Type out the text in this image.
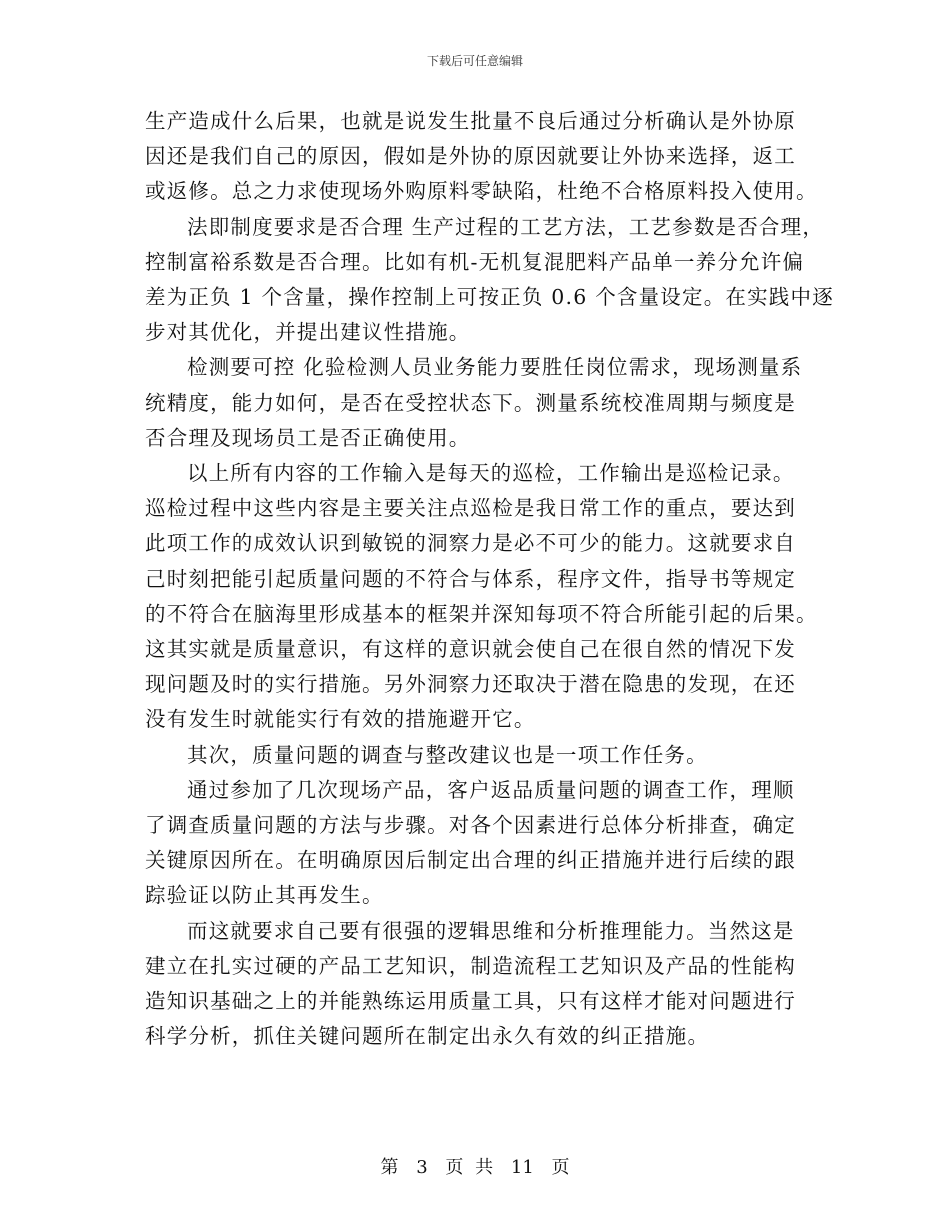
下载后可任意编辑
生产造成什么后果，也就是说发生批量不良后通过分析确认是外协原
因还是我们自己的原因，假如是外协的原因就要让外协来选择，返工
或返修。总之力求使现场外购原料零缺陷，杜绝不合格原料投入使用。
法即制度要求是否合理 生产过程的工艺方法，工艺参数是否合理，
控制富裕系数是否合理。比如有机-无机复混肥料产品单一养分允许偏
差为正负 1 个含量，操作控制上可按正负 0.6 个含量设定。在实践中逐
步对其优化，并提出建议性措施。
检测要可控 化验检测人员业务能力要胜任岗位需求，现场测量系
统精度，能力如何，是否在受控状态下。测量系统校准周期与频度是
否合理及现场员工是否正确使用。
以上所有内容的工作输入是每天的巡检，工作输出是巡检记录。
巡检过程中这些内容是主要关注点巡检是我日常工作的重点，要达到
此项工作的成效认识到敏锐的洞察力是必不可少的能力。这就要求自
己时刻把能引起质量问题的不符合与体系，程序文件，指导书等规定
的不符合在脑海里形成基本的框架并深知每项不符合所能引起的后果。
这其实就是质量意识，有这样的意识就会使自己在很自然的情况下发
现问题及时的实行措施。另外洞察力还取决于潜在隐患的发现，在还
没有发生时就能实行有效的措施避开它。
其次，质量问题的调查与整改建议也是一项工作任务。
通过参加了几次现场产品，客户返品质量问题的调查工作，理顺
了调查质量问题的方法与步骤。对各个因素进行总体分析排查，确定
关键原因所在。在明确原因后制定出合理的纠正措施并进行后续的跟
踪验证以防止其再发生。
而这就要求自己要有很强的逻辑思维和分析推理能力。当然这是
建立在扎实过硬的产品工艺知识，制造流程工艺知识及产品的性能构
造知识基础之上的并能熟练运用质量工具，只有这样才能对问题进行
科学分析，抓住关键问题所在制定出永久有效的纠正措施。
第 3 页 共 11 页
